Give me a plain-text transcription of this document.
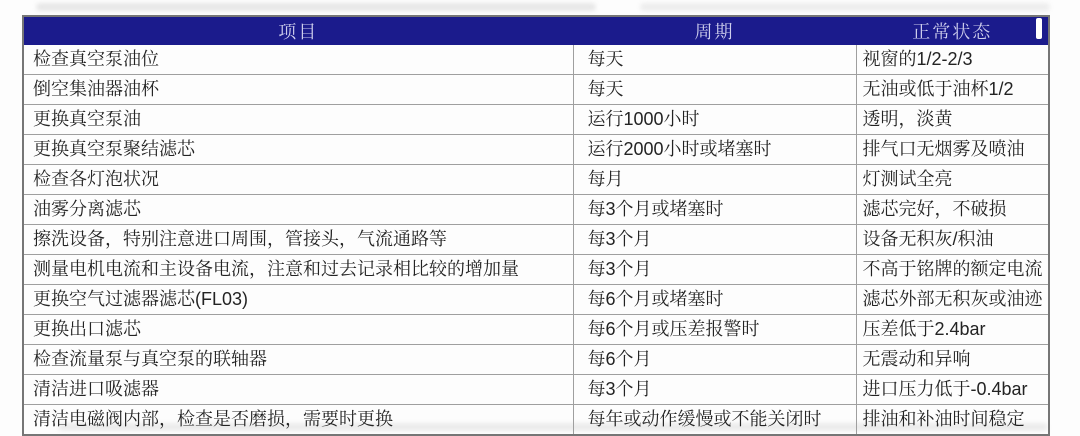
项目	周期	正常状态
检查真空泵油位	每天	视窗的1/2-2/3
倒空集油器油杯	每天	无油或低于油杯1/2
更换真空泵油	运行1000小时	透明，淡黄
更换真空泵聚结滤芯	运行2000小时或堵塞时	排气口无烟雾及喷油
检查各灯泡状况	每月	灯测试全亮
油雾分离滤芯	每3个月或堵塞时	滤芯完好，不破损
擦洗设备，特别注意进口周围，管接头，气流通路等	每3个月	设备无积灰/积油
测量电机电流和主设备电流，注意和过去记录相比较的增加量	每3个月	不高于铭牌的额定电流
更换空气过滤器滤芯(FL03)	每6个月或堵塞时	滤芯外部无积灰或油迹
更换出口滤芯	每6个月或压差报警时	压差低于2.4bar
检查流量泵与真空泵的联轴器	每6个月	无震动和异响
清洁进口吸滤器	每3个月	进口压力低于-0.4bar
清洁电磁阀内部，检查是否磨损，需要时更换	每年或动作缓慢或不能关闭时	排油和补油时间稳定
